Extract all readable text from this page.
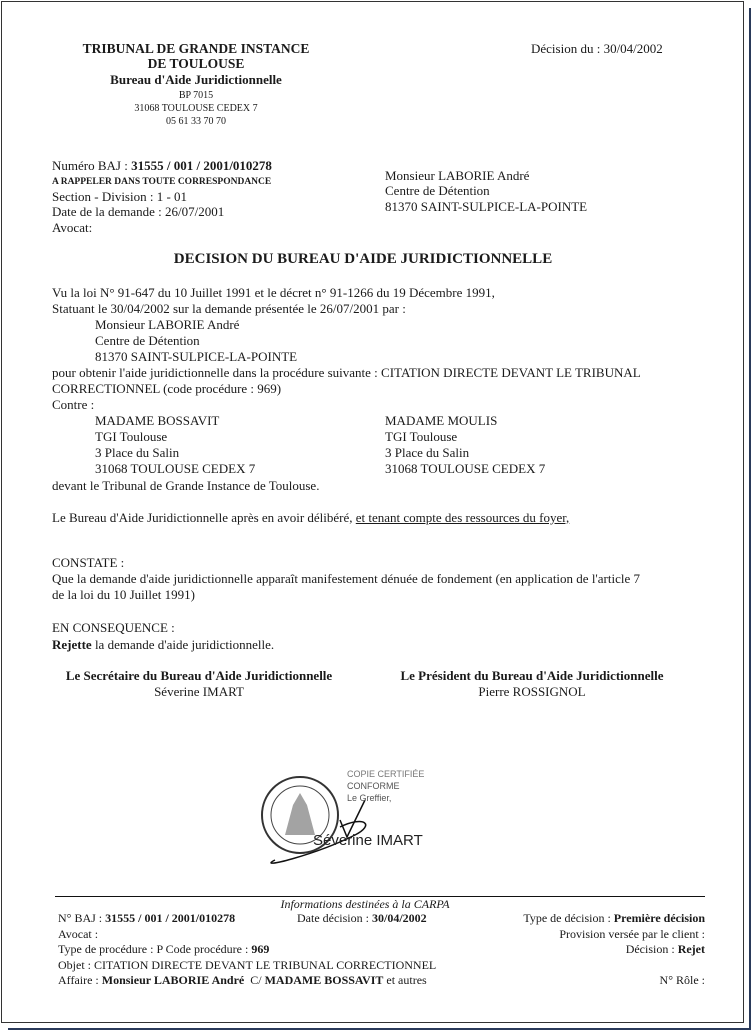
TRIBUNAL DE GRANDE INSTANCE
DE TOULOUSE
Bureau d'Aide Juridictionnelle
BP 7015
31068 TOULOUSE CEDEX 7
05 61 33 70 70
Décision du : 30/04/2002
Numéro BAJ : 31555 / 001 / 2001/010278
A RAPPELER DANS TOUTE CORRESPONDANCE
Section - Division : 1 - 01
Date de la demande : 26/07/2001
Avocat:
Monsieur LABORIE André
Centre de Détention
81370 SAINT-SULPICE-LA-POINTE
DECISION DU BUREAU D'AIDE JURIDICTIONNELLE
Vu la loi N° 91-647 du 10 Juillet 1991 et le décret n° 91-1266 du 19 Décembre 1991,
Statuant le 30/04/2002 sur la demande présentée le 26/07/2001 par :
Monsieur LABORIE André
Centre de Détention
81370 SAINT-SULPICE-LA-POINTE
pour obtenir l'aide juridictionnelle dans la procédure suivante : CITATION DIRECTE DEVANT LE TRIBUNAL
CORRECTIONNEL (code procédure : 969)
Contre :
MADAME BOSSAVIT
TGI Toulouse
3 Place du Salin
31068 TOULOUSE CEDEX 7
MADAME MOULIS
TGI Toulouse
3 Place du Salin
31068 TOULOUSE CEDEX 7
devant le Tribunal de Grande Instance de Toulouse.
Le Bureau d'Aide Juridictionnelle après en avoir délibéré, et tenant compte des ressources du foyer,
CONSTATE :
Que la demande d'aide juridictionnelle apparaît manifestement dénuée de fondement (en application de l'article 7
de la loi du 10 Juillet 1991)
EN CONSEQUENCE :
Rejette la demande d'aide juridictionnelle.
Le Secrétaire du Bureau d'Aide Juridictionnelle
Séverine IMART
Le Président du Bureau d'Aide Juridictionnelle
Pierre ROSSIGNOL
COPIE CERTIFIÉE
CONFORME
Le Greffier,
Séverine IMART
Informations destinées à la CARPA
N° BAJ : 31555 / 001 / 2001/010278	Date décision : 30/04/2002	Type de décision : Première décision
Avocat :	Provision versée par le client :
Type de procédure : P Code procédure : 969	Décision : Rejet
Objet : CITATION DIRECTE DEVANT LE TRIBUNAL CORRECTIONNEL
Affaire : Monsieur LABORIE André  C/ MADAME BOSSAVIT et autres	N° Rôle :
